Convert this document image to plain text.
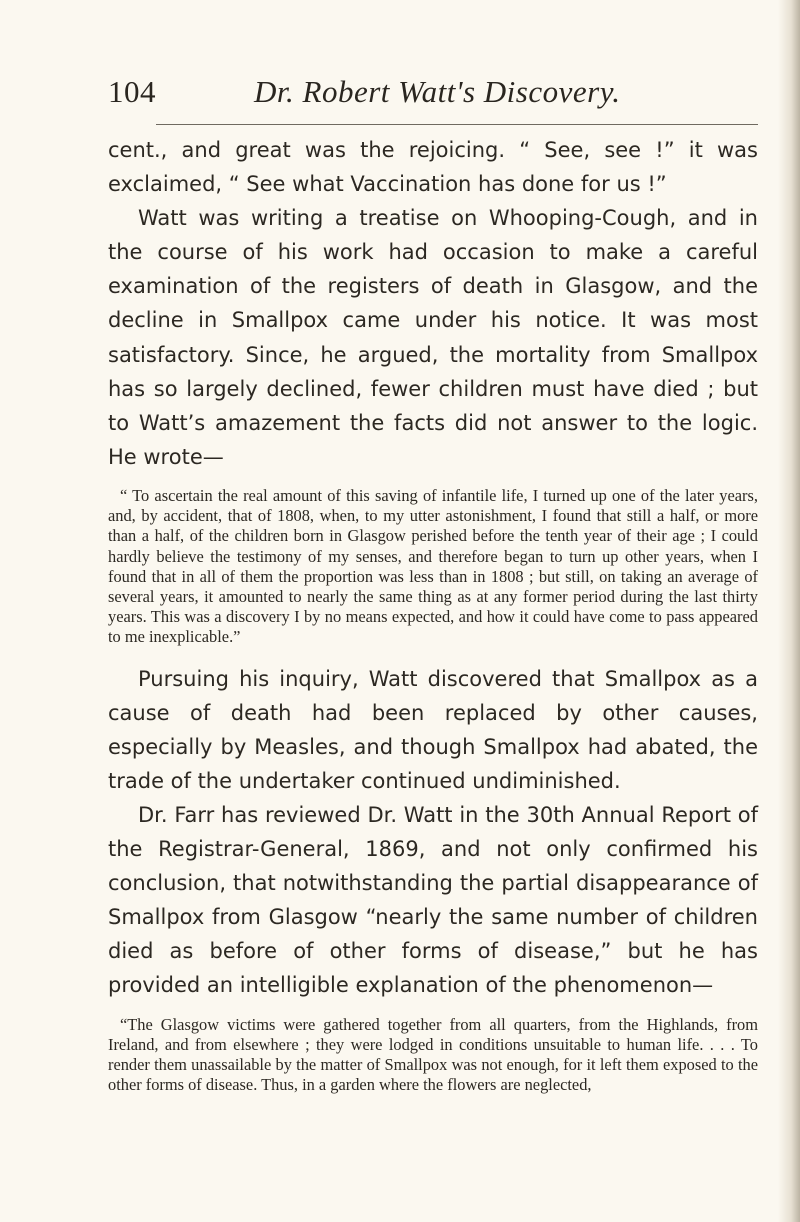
104	Dr. Robert Watt's Discovery.

cent., and great was the rejoicing. “ See, see !” it was exclaimed, “ See what Vaccination has done for us !”

Watt was writing a treatise on Whooping-Cough, and in the course of his work had occasion to make a careful examination of the registers of death in Glasgow, and the decline in Smallpox came under his notice. It was most satisfactory. Since, he argued, the mortality from Smallpox has so largely declined, fewer children must have died ; but to Watt’s amazement the facts did not answer to the logic. He wrote—

“ To ascertain the real amount of this saving of infantile life, I turned up one of the later years, and, by accident, that of 1808, when, to my utter astonishment, I found that still a half, or more than a half, of the children born in Glasgow perished before the tenth year of their age ; I could hardly believe the testimony of my senses, and therefore began to turn up other years, when I found that in all of them the proportion was less than in 1808 ; but still, on taking an average of several years, it amounted to nearly the same thing as at any former period during the last thirty years. This was a discovery I by no means expected, and how it could have come to pass appeared to me inexplicable.”

Pursuing his inquiry, Watt discovered that Smallpox as a cause of death had been replaced by other causes, especially by Measles, and though Smallpox had abated, the trade of the undertaker continued undiminished.

Dr. Farr has reviewed Dr. Watt in the 30th Annual Report of the Registrar-General, 1869, and not only confirmed his conclusion, that notwithstanding the partial disappearance of Smallpox from Glasgow “nearly the same number of children died as before of other forms of disease,” but he has provided an intelligible explanation of the phenomenon—

“The Glasgow victims were gathered together from all quarters, from the Highlands, from Ireland, and from elsewhere ; they were lodged in conditions unsuitable to human life. . . . To render them unassailable by the matter of Smallpox was not enough, for it left them exposed to the other forms of disease. Thus, in a garden where the flowers are neglected,
